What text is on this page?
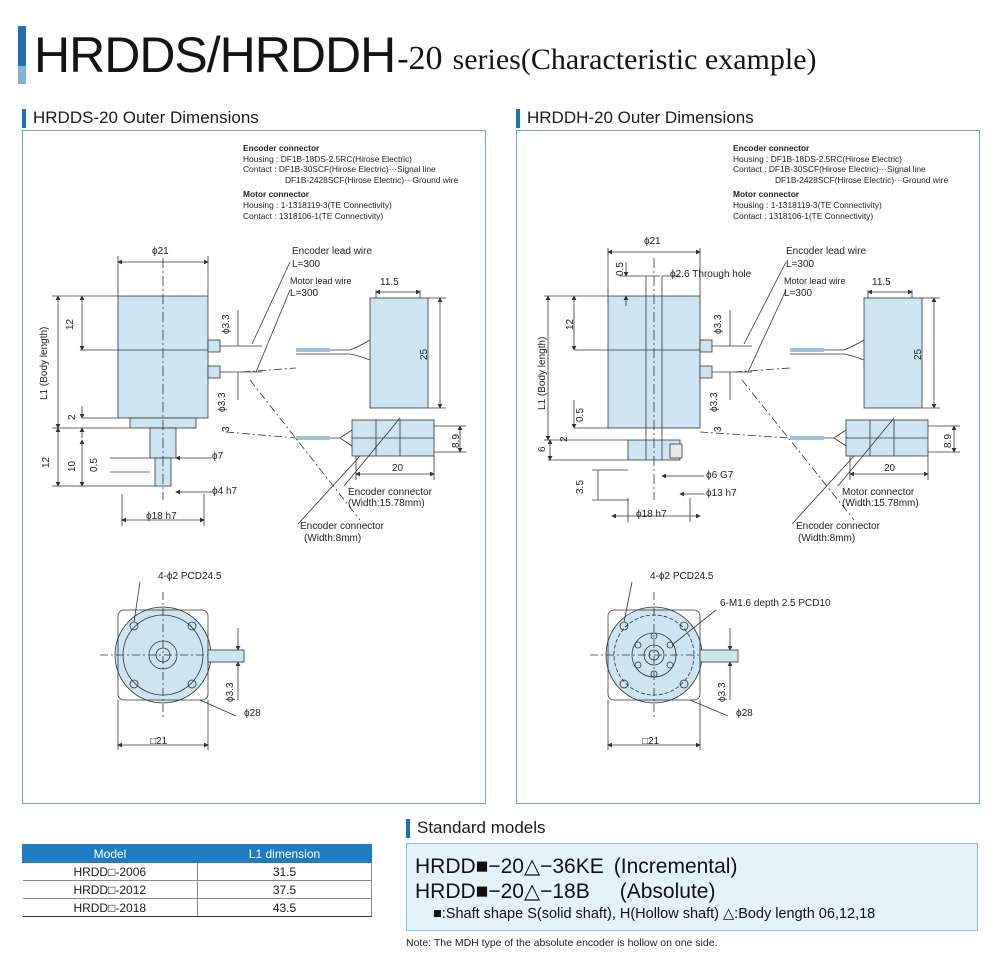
HRDDS/HRDDH -20 series(Characteristic example)
HRDDS-20 Outer Dimensions	HRDDH-20 Outer Dimensions
Encoder connector
Housing : DF1B-18DS-2.5RC(Hirose Electric)
Contact : DF1B-30SCF(Hirose Electric)···Signal line
DF1B-2428SCF(Hirose Electric)···Ground wire
Motor connector
Housing : 1-1318119-3(TE Connectivity)
Contact : 1318106-1(TE Connectivity)
Encoder connector
Housing : DF1B-18DS-2.5RC(Hirose Electric)
Contact : DF1B-30SCF(Hirose Electric)···Signal line
DF1B-2428SCF(Hirose Electric)···Ground wire
Motor connector
Housing : 1-1318119-3(TE Connectivity)
Contact : 1318106-1(TE Connectivity)
ϕ21	Encoder lead wire
L=300
Motor lead wire
L=300
11.5
12
L1 (Body length)
ϕ3.3
ϕ3.3
25
2
3
12 10 0.5
ϕ7
8.9
20
ϕ4 h7	Encoder connector
(Width:15.78mm)
ϕ18 h7
Encoder connector
(Width:8mm)
4-ϕ2 PCD24.5
ϕ3.3
ϕ28
□21
ϕ21
0.5	ϕ2.6 Through hole
Encoder lead wire
L=300
Motor lead wire
L=300
11.5
12
L1 (Body length)
ϕ3.3
ϕ3.3
25
0.5
2
3
6
8.9
20
ϕ6 G7
3.5	ϕ13 h7	Motor connector
(Width:15.78mm)
ϕ18 h7
Encoder connector
(Width:8mm)
4-ϕ2 PCD24.5
6-M1.6 depth 2.5 PCD10
ϕ3.3
ϕ28
□21
Model	L1 dimension
HRDD□-2006	31.5
HRDD□-2012	37.5
HRDD□-2018	43.5
Standard models
HRDD■−20△−36KE (Incremental)
HRDD■−20△−18B (Absolute)
■:Shaft shape S(solid shaft), H(Hollow shaft) △:Body length 06,12,18
Note: The MDH type of the absolute encoder is hollow on one side.
